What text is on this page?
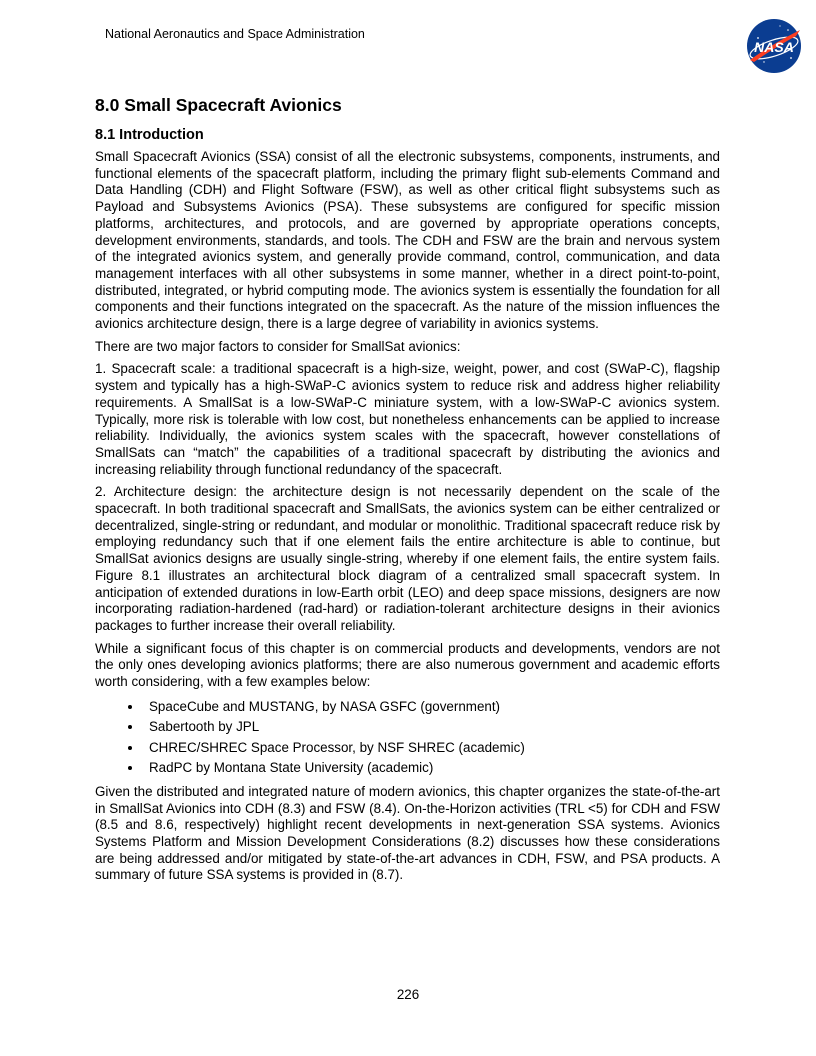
National Aeronautics and Space Administration
NASA
8.0 Small Spacecraft Avionics
8.1 Introduction

Small Spacecraft Avionics (SSA) consist of all the electronic subsystems, components, instruments, and functional elements of the spacecraft platform, including the primary flight sub-elements Command and Data Handling (CDH) and Flight Software (FSW), as well as other critical flight subsystems such as Payload and Subsystems Avionics (PSA). These subsystems are configured for specific mission platforms, architectures, and protocols, and are governed by appropriate operations concepts, development environments, standards, and tools. The CDH and FSW are the brain and nervous system of the integrated avionics system, and generally provide command, control, communication, and data management interfaces with all other subsystems in some manner, whether in a direct point-to-point, distributed, integrated, or hybrid computing mode. The avionics system is essentially the foundation for all components and their functions integrated on the spacecraft. As the nature of the mission influences the avionics architecture design, there is a large degree of variability in avionics systems.

There are two major factors to consider for SmallSat avionics:

1. Spacecraft scale: a traditional spacecraft is a high-size, weight, power, and cost (SWaP-C), flagship system and typically has a high-SWaP-C avionics system to reduce risk and address higher reliability requirements. A SmallSat is a low-SWaP-C miniature system, with a low-SWaP-C avionics system. Typically, more risk is tolerable with low cost, but nonetheless enhancements can be applied to increase reliability. Individually, the avionics system scales with the spacecraft, however constellations of SmallSats can “match” the capabilities of a traditional spacecraft by distributing the avionics and increasing reliability through functional redundancy of the spacecraft.

2. Architecture design: the architecture design is not necessarily dependent on the scale of the spacecraft. In both traditional spacecraft and SmallSats, the avionics system can be either centralized or decentralized, single-string or redundant, and modular or monolithic. Traditional spacecraft reduce risk by employing redundancy such that if one element fails the entire architecture is able to continue, but SmallSat avionics designs are usually single-string, whereby if one element fails, the entire system fails. Figure 8.1 illustrates an architectural block diagram of a centralized small spacecraft system. In anticipation of extended durations in low-Earth orbit (LEO) and deep space missions, designers are now incorporating radiation-hardened (rad-hard) or radiation-tolerant architecture designs in their avionics packages to further increase their overall reliability.

While a significant focus of this chapter is on commercial products and developments, vendors are not the only ones developing avionics platforms; there are also numerous government and academic efforts worth considering, with a few examples below:

• SpaceCube and MUSTANG, by NASA GSFC (government)
• Sabertooth by JPL
• CHREC/SHREC Space Processor, by NSF SHREC (academic)
• RadPC by Montana State University (academic)

Given the distributed and integrated nature of modern avionics, this chapter organizes the state-of-the-art in SmallSat Avionics into CDH (8.3) and FSW (8.4). On-the-Horizon activities (TRL <5) for CDH and FSW (8.5 and 8.6, respectively) highlight recent developments in next-generation SSA systems. Avionics Systems Platform and Mission Development Considerations (8.2) discusses how these considerations are being addressed and/or mitigated by state-of-the-art advances in CDH, FSW, and PSA products. A summary of future SSA systems is provided in (8.7).

226
